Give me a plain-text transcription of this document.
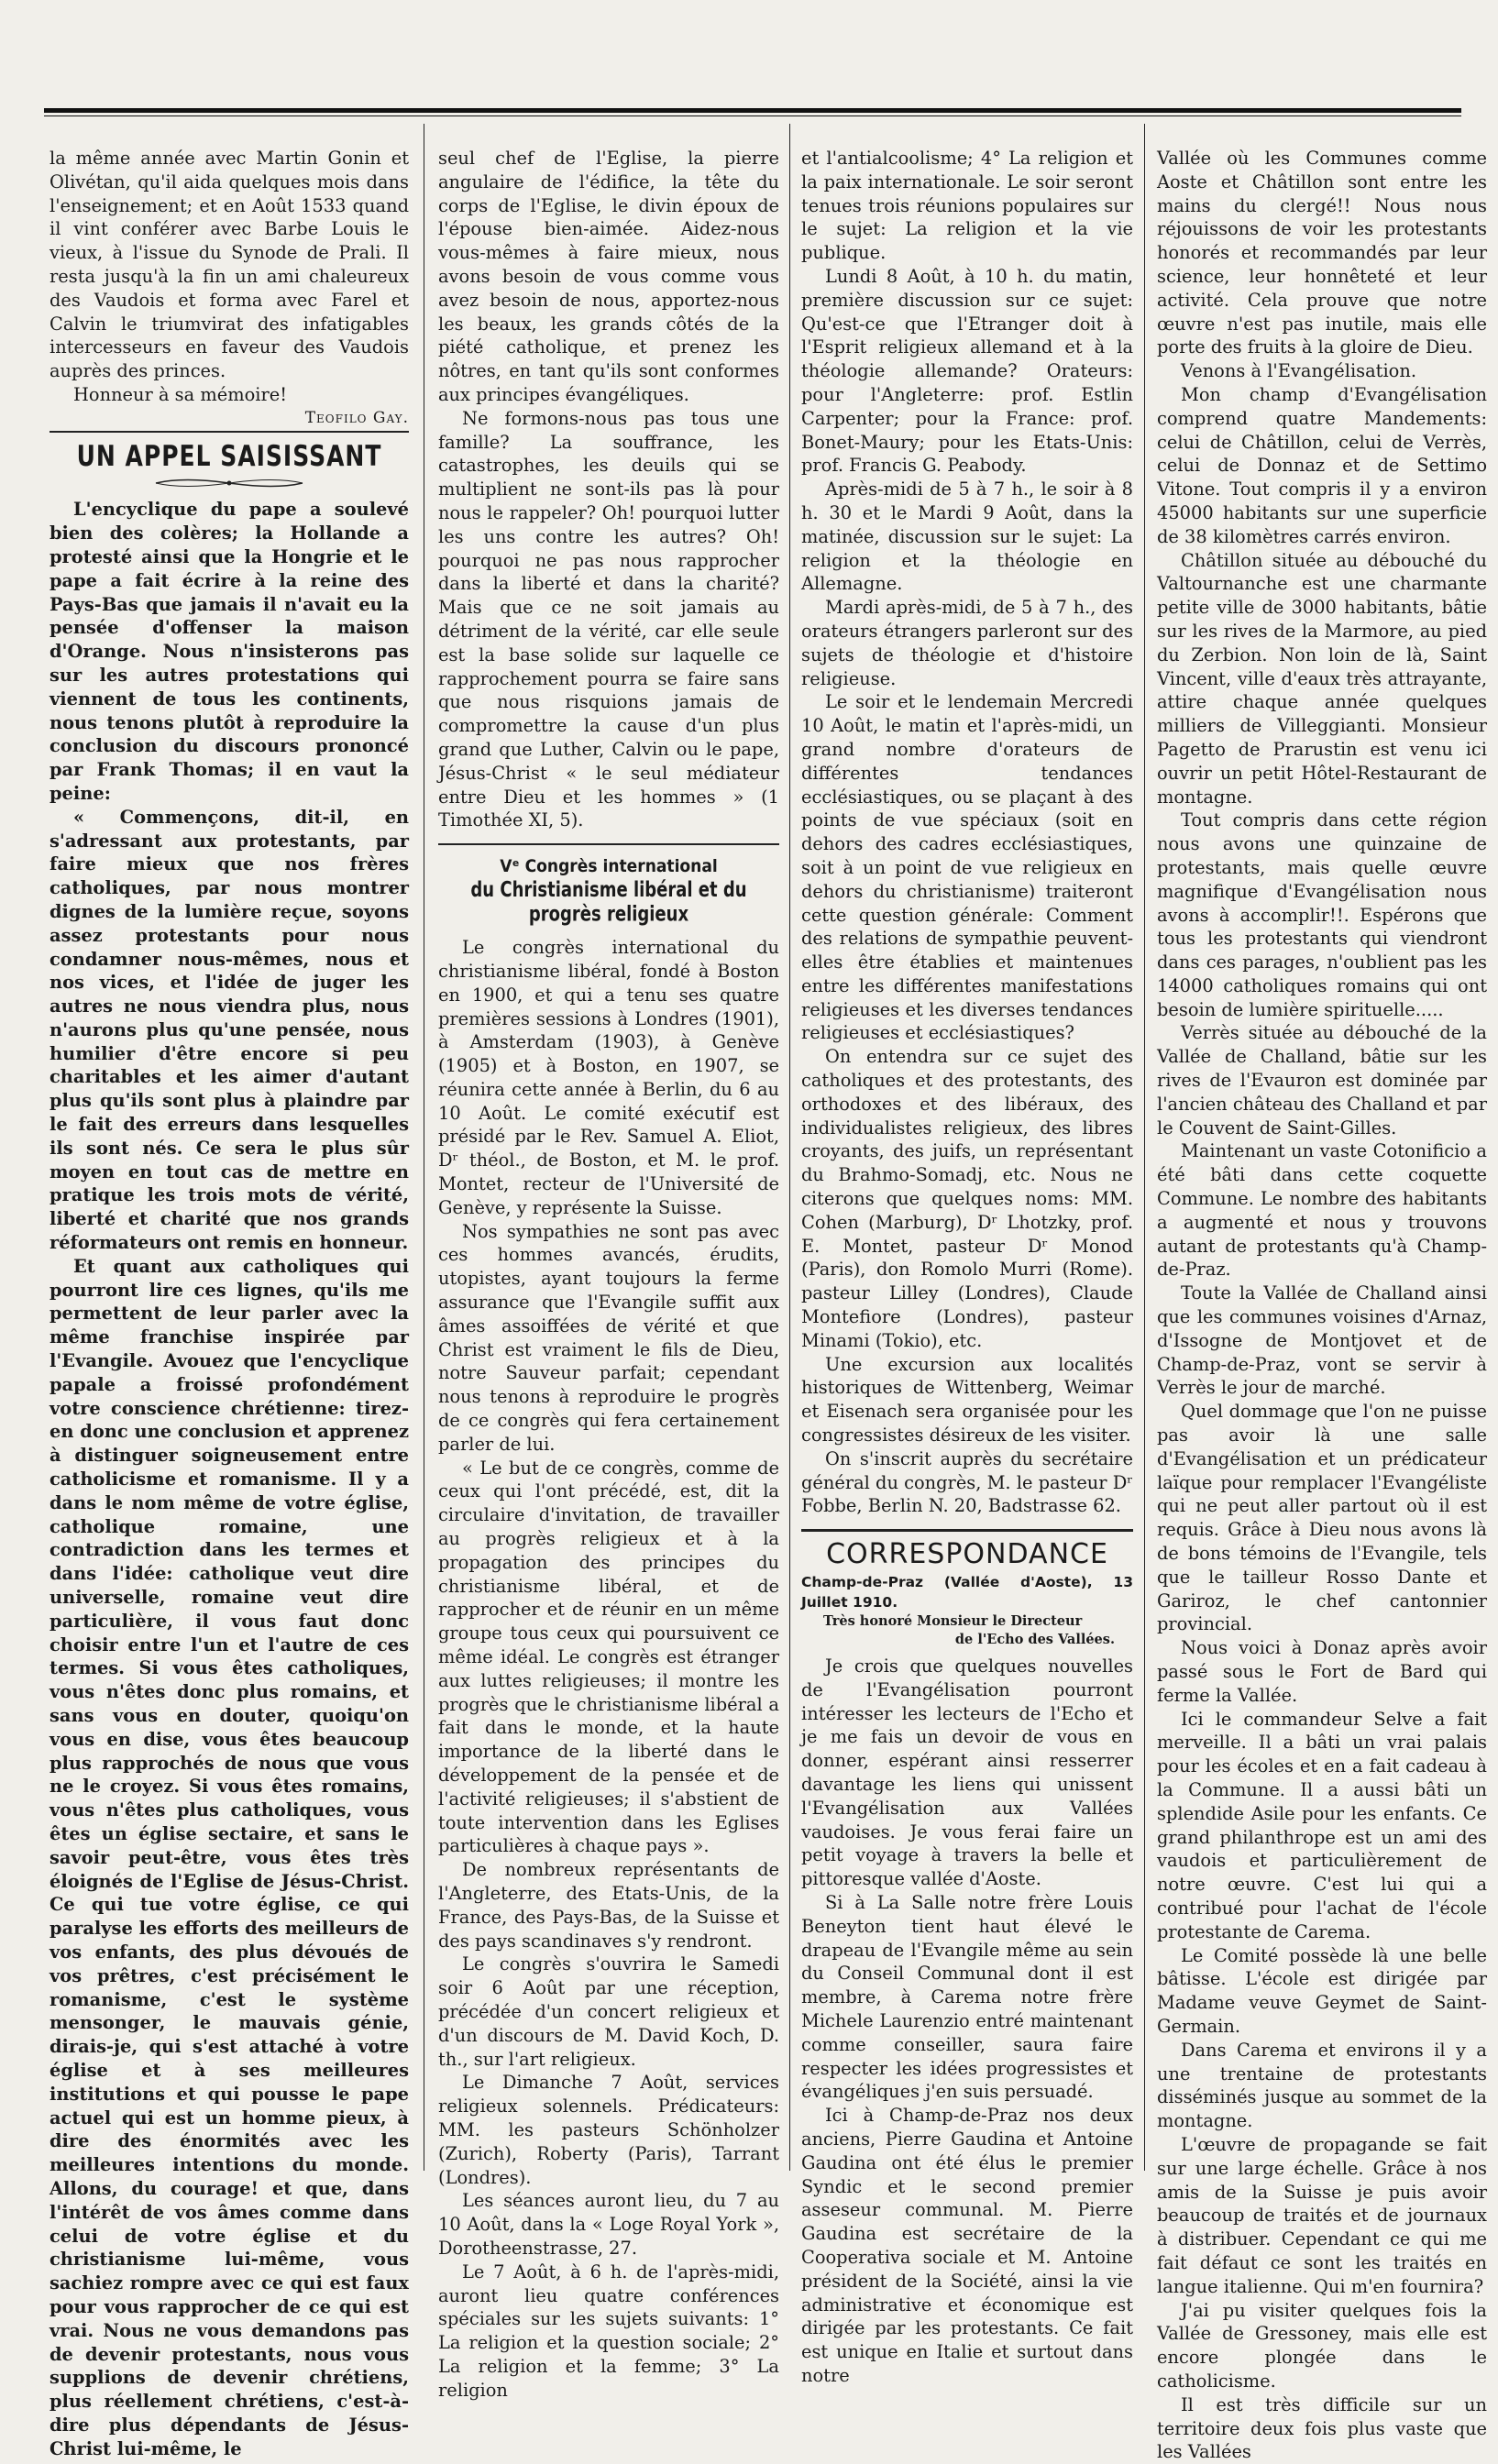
la même année avec Martin Gonin et Olivétan, qu'il aida quelques mois dans l'enseignement; et en Août 1533 quand il vint conférer avec Barbe Louis le vieux, à l'issue du Synode de Prali. Il resta jusqu'à la fin un ami chaleureux des Vaudois et forma avec Farel et Calvin le triumvirat des infatigables intercesseurs en faveur des Vaudois auprès des princes.

Honneur à sa mémoire!

Teofilo Gay.

UN APPEL SAISISSANT

L'encyclique du pape a soulevé bien des colères; la Hollande a protesté ainsi que la Hongrie et le pape a fait écrire à la reine des Pays-Bas que jamais il n'avait eu la pensée d'offenser la maison d'Orange. Nous n'insisterons pas sur les autres protestations qui viennent de tous les continents, nous tenons plutôt à reproduire la conclusion du discours prononcé par Frank Thomas; il en vaut la peine:

« Commençons, dit-il, en s'adressant aux protestants, par faire mieux que nos frères catholiques, par nous montrer dignes de la lumière reçue, soyons assez protestants pour nous condamner nous-mêmes, nous et nos vices, et l'idée de juger les autres ne nous viendra plus, nous n'aurons plus qu'une pensée, nous humilier d'être encore si peu charitables et les aimer d'autant plus qu'ils sont plus à plaindre par le fait des erreurs dans lesquelles ils sont nés. Ce sera le plus sûr moyen en tout cas de mettre en pratique les trois mots de vérité, liberté et charité que nos grands réformateurs ont remis en honneur.

Et quant aux catholiques qui pourront lire ces lignes, qu'ils me permettent de leur parler avec la même franchise inspirée par l'Evangile. Avouez que l'encyclique papale a froissé profondément votre conscience chrétienne: tirez-en donc une conclusion et apprenez à distinguer soigneusement entre catholicisme et romanisme. Il y a dans le nom même de votre église, catholique romaine, une contradiction dans les termes et dans l'idée: catholique veut dire universelle, romaine veut dire particulière, il vous faut donc choisir entre l'un et l'autre de ces termes. Si vous êtes catholiques, vous n'êtes donc plus romains, et sans vous en douter, quoiqu'on vous en dise, vous êtes beaucoup plus rapprochés de nous que vous ne le croyez. Si vous êtes romains, vous n'êtes plus catholiques, vous êtes un église sectaire, et sans le savoir peut-être, vous êtes très éloignés de l'Eglise de Jésus-Christ. Ce qui tue votre église, ce qui paralyse les efforts des meilleurs de vos enfants, des plus dévoués de vos prêtres, c'est précisément le romanisme, c'est le système mensonger, le mauvais génie, dirais-je, qui s'est attaché à votre église et à ses meilleures institutions et qui pousse le pape actuel qui est un homme pieux, à dire des énormités avec les meilleures intentions du monde. Allons, du courage! et que, dans l'intérêt de vos âmes comme dans celui de votre église et du christianisme lui-même, vous sachiez rompre avec ce qui est faux pour vous rapprocher de ce qui est vrai. Nous ne vous demandons pas de devenir protestants, nous vous supplions de devenir chrétiens, plus réellement chrétiens, c'est-à-dire plus dépendants de Jésus-Christ lui-même, le

seul chef de l'Eglise, la pierre angulaire de l'édifice, la tête du corps de l'Eglise, le divin époux de l'épouse bien-aimée. Aidez-nous vous-mêmes à faire mieux, nous avons besoin de vous comme vous avez besoin de nous, apportez-nous les beaux, les grands côtés de la piété catholique, et prenez les nôtres, en tant qu'ils sont conformes aux principes évangéliques.

Ne formons-nous pas tous une famille? La souffrance, les catastrophes, les deuils qui se multiplient ne sont-ils pas là pour nous le rappeler? Oh! pourquoi lutter les uns contre les autres? Oh! pourquoi ne pas nous rapprocher dans la liberté et dans la charité? Mais que ce ne soit jamais au détriment de la vérité, car elle seule est la base solide sur laquelle ce rapprochement pourra se faire sans que nous risquions jamais de compromettre la cause d'un plus grand que Luther, Calvin ou le pape, Jésus-Christ « le seul médiateur entre Dieu et les hommes » (1 Timothée XI, 5).

Vᵉ Congrès international
du Christianisme libéral et du progrès religieux

Le congrès international du christianisme libéral, fondé à Boston en 1900, et qui a tenu ses quatre premières sessions à Londres (1901), à Amsterdam (1903), à Genève (1905) et à Boston, en 1907, se réunira cette année à Berlin, du 6 au 10 Août. Le comité exécutif est présidé par le Rev. Samuel A. Eliot, Dʳ théol., de Boston, et M. le prof. Montet, recteur de l'Université de Genève, y représente la Suisse.

Nos sympathies ne sont pas avec ces hommes avancés, érudits, utopistes, ayant toujours la ferme assurance que l'Evangile suffit aux âmes assoiffées de vérité et que Christ est vraiment le fils de Dieu, notre Sauveur parfait; cependant nous tenons à reproduire le progrès de ce congrès qui fera certainement parler de lui.

« Le but de ce congrès, comme de ceux qui l'ont précédé, est, dit la circulaire d'invitation, de travailler au progrès religieux et à la propagation des principes du christianisme libéral, et de rapprocher et de réunir en un même groupe tous ceux qui poursuivent ce même idéal. Le congrès est étranger aux luttes religieuses; il montre les progrès que le christianisme libéral a fait dans le monde, et la haute importance de la liberté dans le développement de la pensée et de l'activité religieuses; il s'abstient de toute intervention dans les Eglises particulières à chaque pays ».

De nombreux représentants de l'Angleterre, des Etats-Unis, de la France, des Pays-Bas, de la Suisse et des pays scandinaves s'y rendront.

Le congrès s'ouvrira le Samedi soir 6 Août par une réception, précédée d'un concert religieux et d'un discours de M. David Koch, D. th., sur l'art religieux.

Le Dimanche 7 Août, services religieux solennels. Prédicateurs: MM. les pasteurs Schönholzer (Zurich), Roberty (Paris), Tarrant (Londres).

Les séances auront lieu, du 7 au 10 Août, dans la « Loge Royal York », Dorotheenstrasse, 27.

Le 7 Août, à 6 h. de l'après-midi, auront lieu quatre conférences spéciales sur les sujets suivants: 1° La religion et la question sociale; 2° La religion et la femme; 3° La religion

et l'antialcoolisme; 4° La religion et la paix internationale. Le soir seront tenues trois réunions populaires sur le sujet: La religion et la vie publique.

Lundi 8 Août, à 10 h. du matin, première discussion sur ce sujet: Qu'est-ce que l'Etranger doit à l'Esprit religieux allemand et à la théologie allemande? Orateurs: pour l'Angleterre: prof. Estlin Carpenter; pour la France: prof. Bonet-Maury; pour les Etats-Unis: prof. Francis G. Peabody.

Après-midi de 5 à 7 h., le soir à 8 h. 30 et le Mardi 9 Août, dans la matinée, discussion sur le sujet: La religion et la théologie en Allemagne.

Mardi après-midi, de 5 à 7 h., des orateurs étrangers parleront sur des sujets de théologie et d'histoire religieuse.

Le soir et le lendemain Mercredi 10 Août, le matin et l'après-midi, un grand nombre d'orateurs de différentes tendances ecclésiastiques, ou se plaçant à des points de vue spéciaux (soit en dehors des cadres ecclésiastiques, soit à un point de vue religieux en dehors du christianisme) traiteront cette question générale: Comment des relations de sympathie peuvent-elles être établies et maintenues entre les différentes manifestations religieuses et les diverses tendances religieuses et ecclésiastiques?

On entendra sur ce sujet des catholiques et des protestants, des orthodoxes et des libéraux, des individualistes religieux, des libres croyants, des juifs, un représentant du Brahmo-Somadj, etc. Nous ne citerons que quelques noms: MM. Cohen (Marburg), Dʳ Lhotzky, prof. E. Montet, pasteur Dʳ Monod (Paris), don Romolo Murri (Rome). pasteur Lilley (Londres), Claude Montefiore (Londres), pasteur Minami (Tokio), etc.

Une excursion aux localités historiques de Wittenberg, Weimar et Eisenach sera organisée pour les congressistes désireux de les visiter.

On s'inscrit auprès du secrétaire général du congrès, M. le pasteur Dʳ Fobbe, Berlin N. 20, Badstrasse 62.

CORRESPONDANCE
Champ-de-Praz (Vallée d'Aoste), 13 Juillet 1910.
Très honoré Monsieur le Directeur
de l'Echo des Vallées.

Je crois que quelques nouvelles de l'Evangélisation pourront intéresser les lecteurs de l'Echo et je me fais un devoir de vous en donner, espérant ainsi resserrer davantage les liens qui unissent l'Evangélisation aux Vallées vaudoises. Je vous ferai faire un petit voyage à travers la belle et pittoresque vallée d'Aoste.

Si à La Salle notre frère Louis Beneyton tient haut élevé le drapeau de l'Evangile même au sein du Conseil Communal dont il est membre, à Carema notre frère Michele Laurenzio entré maintenant comme conseiller, saura faire respecter les idées progressistes et évangéliques j'en suis persuadé.

Ici à Champ-de-Praz nos deux anciens, Pierre Gaudina et Antoine Gaudina ont été élus le premier Syndic et le second premier asseseur communal. M. Pierre Gaudina est secrétaire de la Cooperativa sociale et M. Antoine président de la Société, ainsi la vie administrative et économique est dirigée par les protestants. Ce fait est unique en Italie et surtout dans notre

Vallée où les Communes comme Aoste et Châtillon sont entre les mains du clergé!! Nous nous réjouissons de voir les protestants honorés et recommandés par leur science, leur honnêteté et leur activité. Cela prouve que notre œuvre n'est pas inutile, mais elle porte des fruits à la gloire de Dieu.

Venons à l'Evangélisation.

Mon champ d'Evangélisation comprend quatre Mandements: celui de Châtillon, celui de Verrès, celui de Donnaz et de Settimo Vitone. Tout compris il y a environ 45000 habitants sur une superficie de 38 kilomètres carrés environ.

Châtillon située au débouché du Valtournanche est une charmante petite ville de 3000 habitants, bâtie sur les rives de la Marmore, au pied du Zerbion. Non loin de là, Saint Vincent, ville d'eaux très attrayante, attire chaque année quelques milliers de Villeggianti. Monsieur Pagetto de Prarustin est venu ici ouvrir un petit Hôtel-Restaurant de montagne.

Tout compris dans cette région nous avons une quinzaine de protestants, mais quelle œuvre magnifique d'Evangélisation nous avons à accomplir!!. Espérons que tous les protestants qui viendront dans ces parages, n'oublient pas les 14000 catholiques romains qui ont besoin de lumière spirituelle.....

Verrès située au débouché de la Vallée de Challand, bâtie sur les rives de l'Evauron est dominée par l'ancien château des Challand et par le Couvent de Saint-Gilles.

Maintenant un vaste Cotonificio a été bâti dans cette coquette Commune. Le nombre des habitants a augmenté et nous y trouvons autant de protestants qu'à Champ-de-Praz.

Toute la Vallée de Challand ainsi que les communes voisines d'Arnaz, d'Issogne de Montjovet et de Champ-de-Praz, vont se servir à Verrès le jour de marché.

Quel dommage que l'on ne puisse pas avoir là une salle d'Evangélisation et un prédicateur laïque pour remplacer l'Evangéliste qui ne peut aller partout où il est requis. Grâce à Dieu nous avons là de bons témoins de l'Evangile, tels que le tailleur Rosso Dante et Gariroz, le chef cantonnier provincial.

Nous voici à Donaz après avoir passé sous le Fort de Bard qui ferme la Vallée.

Ici le commandeur Selve a fait merveille. Il a bâti un vrai palais pour les écoles et en a fait cadeau à la Commune. Il a aussi bâti un splendide Asile pour les enfants. Ce grand philanthrope est un ami des vaudois et particulièrement de notre œuvre. C'est lui qui a contribué pour l'achat de l'école protestante de Carema.

Le Comité possède là une belle bâtisse. L'école est dirigée par Madame veuve Geymet de Saint-Germain.

Dans Carema et environs il y a une trentaine de protestants disséminés jusque au sommet de la montagne.

L'œuvre de propagande se fait sur une large échelle. Grâce à nos amis de la Suisse je puis avoir beaucoup de traités et de journaux à distribuer. Cependant ce qui me fait défaut ce sont les traités en langue italienne. Qui m'en fournira?

J'ai pu visiter quelques fois la Vallée de Gressoney, mais elle est encore plongée dans le catholicisme.

Il est très difficile sur un territoire deux fois plus vaste que les Vallées
